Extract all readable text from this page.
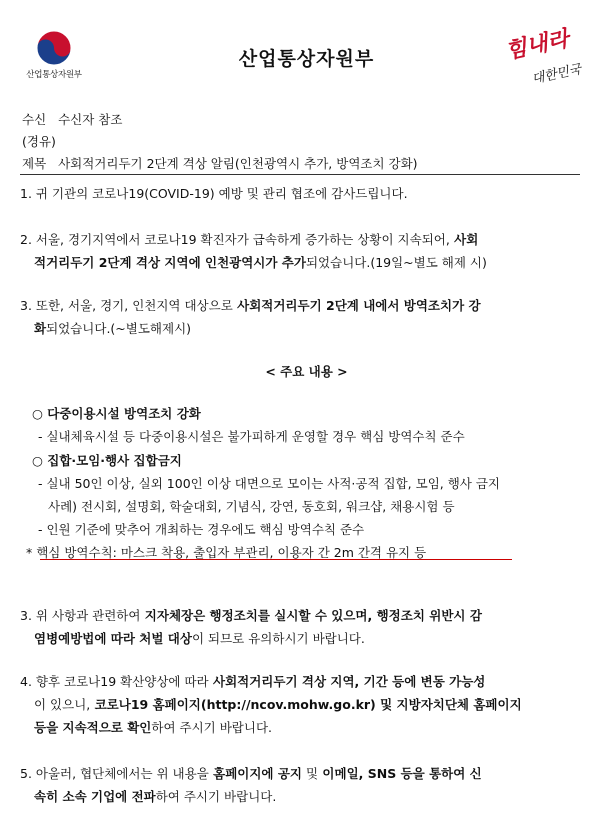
산업통상자원부
산업통상자원부	힘내라
대한민국
수신 수신자 참조
(경유)
제목 사회적거리두기 2단계 격상 알림(인천광역시 추가, 방역조치 강화)
1. 귀 기관의 코로나19(COVID-19) 예방 및 관리 협조에 감사드립니다.
2. 서울, 경기지역에서 코로나19 확진자가 급속하게 증가하는 상황이 지속되어, 사회
적거리두기 2단계 격상 지역에 인천광역시가 추가되었습니다.(19일~별도 해제 시)
3. 또한, 서울, 경기, 인천지역 대상으로 사회적거리두기 2단계 내에서 방역조치가 강
화되었습니다.(~별도해제시)
< 주요 내용 >
○ 다중이용시설 방역조치 강화
- 실내체육시설 등 다중이용시설은 불가피하게 운영할 경우 핵심 방역수칙 준수
○ 집합·모임·행사 집합금지
- 실내 50인 이상, 실외 100인 이상 대면으로 모이는 사적·공적 집합, 모임, 행사 금지
사례) 전시회, 설명회, 학술대회, 기념식, 강연, 동호회, 워크샵, 채용시험 등
- 인원 기준에 맞추어 개최하는 경우에도 핵심 방역수칙 준수
* 핵심 방역수칙: 마스크 착용, 출입자 부관리, 이용자 간 2m 간격 유지 등
3. 위 사항과 관련하여 지자체장은 행정조치를 실시할 수 있으며, 행정조치 위반시 감
염병예방법에 따라 처벌 대상이 되므로 유의하시기 바랍니다.
4. 향후 코로나19 확산양상에 따라 사회적거리두기 격상 지역, 기간 등에 변동 가능성
이 있으니, 코로나19 홈페이지(http://ncov.mohw.go.kr) 및 지방자치단체 홈페이지
등을 지속적으로 확인하여 주시기 바랍니다.
5. 아울러, 협단체에서는 위 내용을 홈페이지에 공지 및 이메일, SNS 등을 통하여 신
속히 소속 기업에 전파하여 주시기 바랍니다.
